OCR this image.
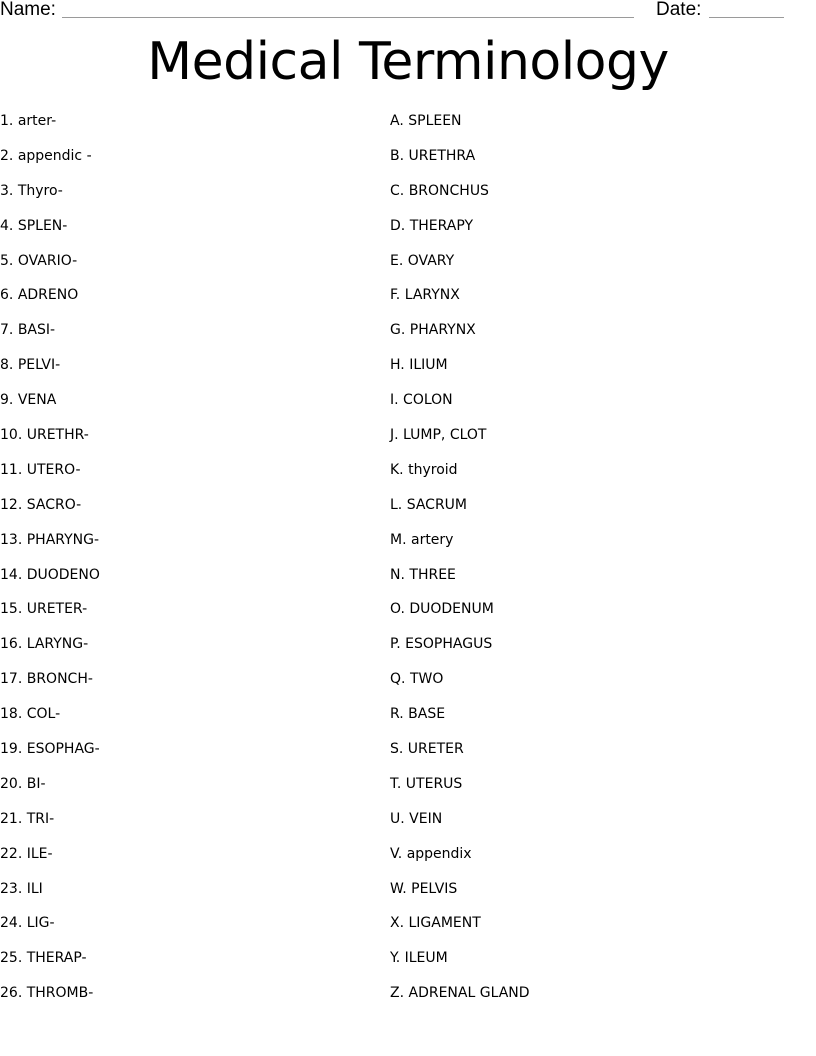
Name:	Date:
Medical Terminology
1. arter-
2. appendic -
3. Thyro-
4. SPLEN-
5. OVARIO-
6. ADRENO
7. BASI-
8. PELVI-
9. VENA
10. URETHR-
11. UTERO-
12. SACRO-
13. PHARYNG-
14. DUODENO
15. URETER-
16. LARYNG-
17. BRONCH-
18. COL-
19. ESOPHAG-
20. BI-
21. TRI-
22. ILE-
23. ILI
24. LIG-
25. THERAP-
26. THROMB-
A. SPLEEN
B. URETHRA
C. BRONCHUS
D. THERAPY
E. OVARY
F. LARYNX
G. PHARYNX
H. ILIUM
I. COLON
J. LUMP, CLOT
K. thyroid
L. SACRUM
M. artery
N. THREE
O. DUODENUM
P. ESOPHAGUS
Q. TWO
R. BASE
S. URETER
T. UTERUS
U. VEIN
V. appendix
W. PELVIS
X. LIGAMENT
Y. ILEUM
Z. ADRENAL GLAND
